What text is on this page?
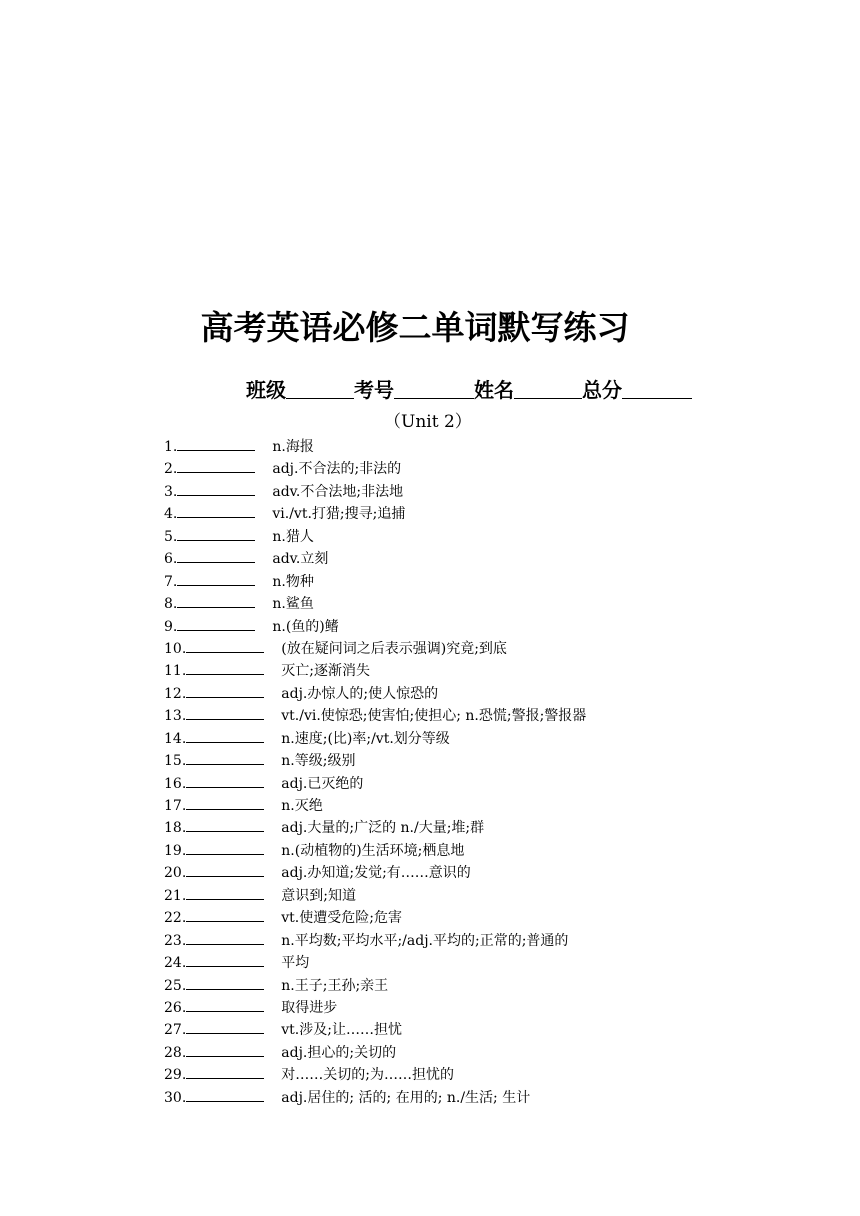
高考英语必修二单词默写练习
班级	考号	姓名	总分
（Unit 2）
1.	n.海报
2.	adj.不合法的;非法的
3.	adv.不合法地;非法地
4.	vi./vt.打猎;搜寻;追捕
5.	n.猎人
6.	adv.立刻
7.	n.物种
8.	n.鲨鱼
9.	n.(鱼的)鳍
10.	(放在疑问词之后表示强调)究竟;到底
11.	灭亡;逐渐消失
12.	adj.办惊人的;使人惊恐的
13.	vt./vi.使惊恐;使害怕;使担心; n.恐慌;警报;警报器
14.	n.速度;(比)率;/vt.划分等级
15.	n.等级;级别
16.	adj.已灭绝的
17.	n.灭绝
18.	adj.大量的;广泛的 n./大量;堆;群
19.	n.(动植物的)生活环境;栖息地
20.	adj.办知道;发觉;有……意识的
21.	意识到;知道
22.	vt.使遭受危险;危害
23.	n.平均数;平均水平;/adj.平均的;正常的;普通的
24.	平均
25.	n.王子;王孙;亲王
26.	取得进步
27.	vt.涉及;让……担忧
28.	adj.担心的;关切的
29.	对……关切的;为……担忧的
30.	adj.居住的; 活的; 在用的; n./生活; 生计
